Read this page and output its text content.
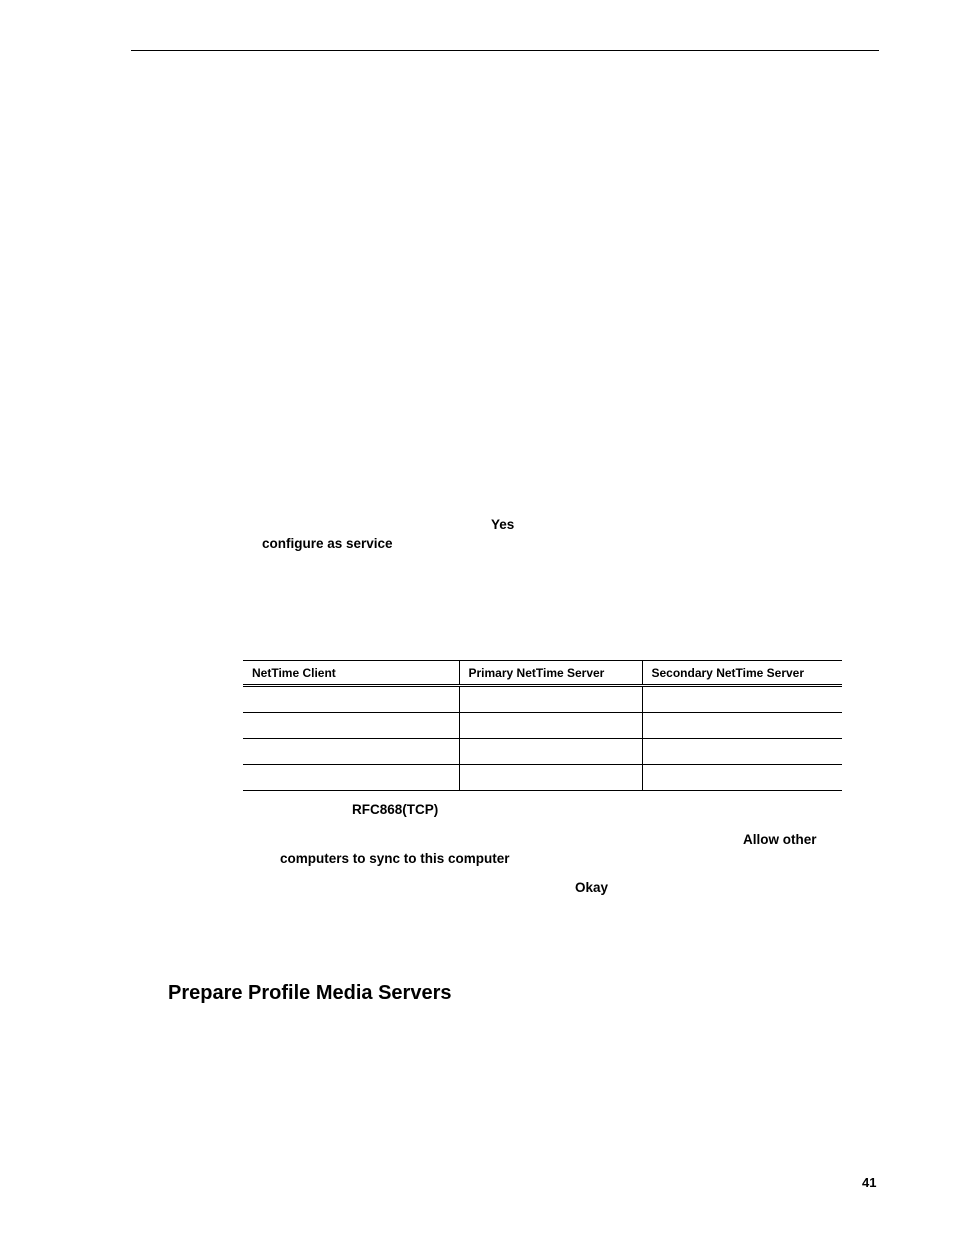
Yes
configure as service
NetTime Client	Primary NetTime Server	Secondary NetTime Server

RFC868(TCP)
Allow other
computers to sync to this computer
Okay
Prepare Profile Media Servers
41
